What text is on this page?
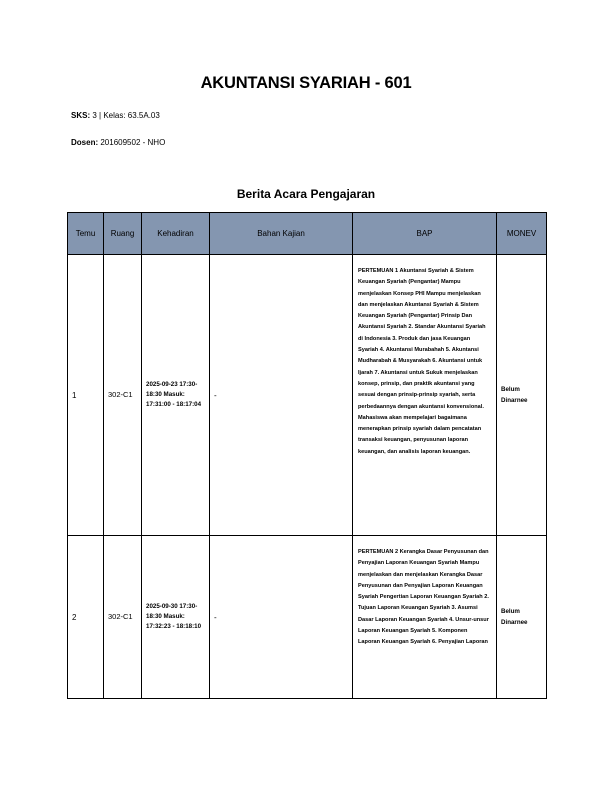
AKUNTANSI SYARIAH - 601
SKS: 3 | Kelas: 63.5A.03
Dosen: 201609502 - NHO
Berita Acara Pengajaran
Temu	Ruang	Kehadiran	Bahan Kajian	BAP	MONEV
1	302-C1	2025-09-23 17:30-18:30 Masuk: 17:31:00 - 18:17:04	-	PERTEMUAN 1 Akuntansi Syariah & Sistem Keuangan Syariah (Pengantar) Mampu menjelaskan Konsep PHI Mampu menjelaskan dan menjelaskan Akuntansi Syariah & Sistem Keuangan Syariah (Pengantar) Prinsip Dan Akuntansi Syariah 2. Standar Akuntansi Syariah di Indonesia 3. Produk dan jasa Keuangan Syariah 4. Akuntansi Murabahah 5. Akuntansi Mudharabah & Musyarakah 6. Akuntansi untuk Ijarah 7. Akuntansi untuk Sukuk menjelaskan konsep, prinsip, dan praktik akuntansi yang sesuai dengan prinsip-prinsip syariah, serta perbedaannya dengan akuntansi konvensional. Mahasiswa akan mempelajari bagaimana menerapkan prinsip syariah dalam pencatatan transaksi keuangan, penyusunan laporan keuangan, dan analisis laporan keuangan.	Belum Dinarnee
2	302-C1	2025-09-30 17:30-18:30 Masuk: 17:32:23 - 18:18:10	-	PERTEMUAN 2 Kerangka Dasar Penyusunan dan Penyajian Laporan Keuangan Syariah Mampu menjelaskan dan menjelaskan Kerangka Dasar Penyusunan dan Penyajian Laporan Keuangan Syariah Pengertian Laporan Keuangan Syariah 2. Tujuan Laporan Keuangan Syariah 3. Asumsi Dasar Laporan Keuangan Syariah 4. Unsur-unsur Laporan Keuangan Syariah 5. Komponen Laporan Keuangan Syariah 6. Penyajian Laporan	Belum Dinarnee
